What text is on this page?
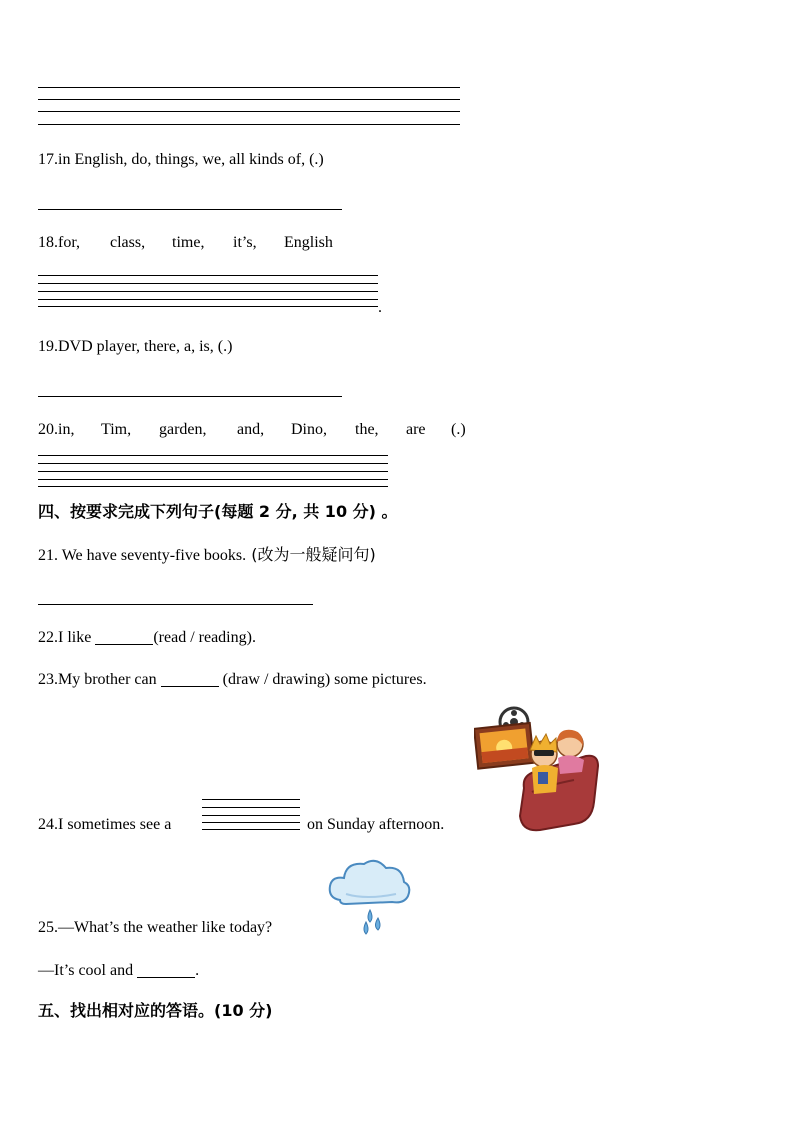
17.in English, do, things, we, all kinds of, (.)
18.for, class, time, it’s, English
.
19.DVD player, there, a, is, (.)
20.in, Tim, garden, and, Dino, the, are (.)
四、按要求完成下列句子(每题 2 分, 共 10 分) 。
21. We have seventy-five books. (改为一般疑问句)
22.I like	(read / reading).
23.My brother can	(draw / drawing) some pictures.
24.I sometimes see a	on Sunday afternoon.
25.—What’s the weather like today?
—It’s cool and	.
五、找出相对应的答语。(10 分)
